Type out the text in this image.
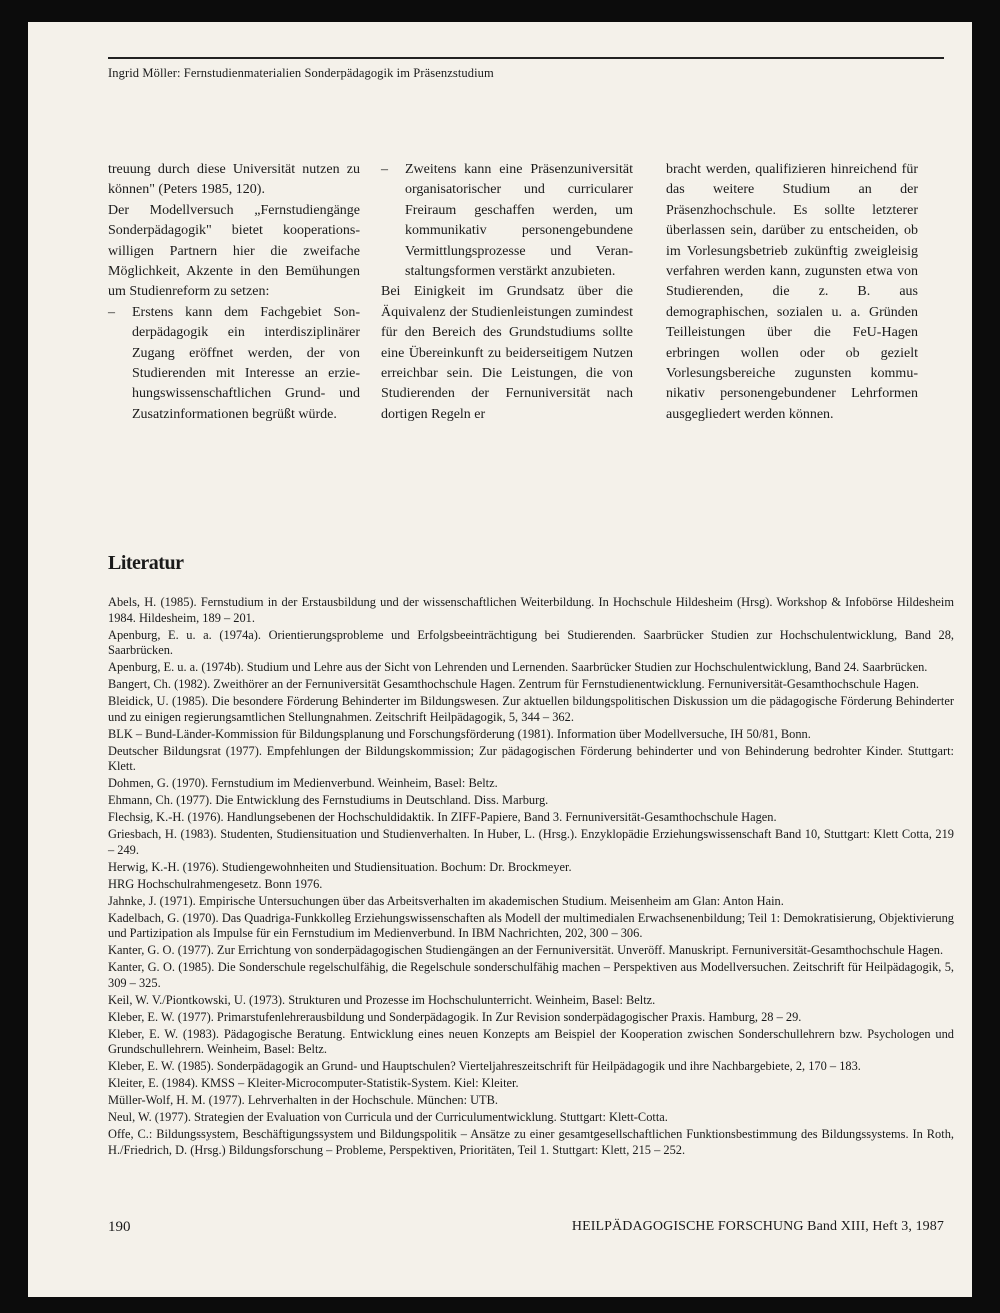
Ingrid Möller: Fernstudienmaterialien Sonderpädagogik im Präsenzstudium

treuung durch diese Universität nutzen zu können" (Peters 1985, 120).

Der Modellversuch „Fernstudiengänge Sonderpädagogik" bietet kooperationswilligen Partnern hier die zweifache Möglichkeit, Akzente in den Bemühungen um Studienreform zu setzen:

–	Erstens kann dem Fachgebiet Sonderpädagogik ein interdisziplinärer Zugang eröffnet werden, der von Studierenden mit Interesse an erziehungswissenschaftlichen Grund- und Zusatzinformationen begrüßt würde.
–	Zweitens kann eine Präsenzuniversität organisatorischer und curricularer Freiraum geschaffen werden, um kommunikativ personengebundene Vermittlungsprozesse und Veranstaltungsformen verstärkt anzubieten.

Bei Einigkeit im Grundsatz über die Äquivalenz der Studienleistungen zumindest für den Bereich des Grundstudiums sollte eine Übereinkunft zu beiderseitigem Nutzen erreichbar sein. Die Leistungen, die von Studierenden der Fernuniversität nach dortigen Regeln er

bracht werden, qualifizieren hinreichend für das weitere Studium an der Präsenzhochschule. Es sollte letzterer überlassen sein, darüber zu entscheiden, ob im Vorlesungsbetrieb zukünftig zweigleisig verfahren werden kann, zugunsten etwa von Studierenden, die z. B. aus demographischen, sozialen u. a. Gründen Teilleistungen über die FeU-Hagen erbringen wollen oder ob gezielt Vorlesungsbereiche zugunsten kommunikativ personengebundener Lehrformen ausgegliedert werden können.

Literatur

Abels, H. (1985). Fernstudium in der Erstausbildung und der wissenschaftlichen Weiterbildung. In Hochschule Hildesheim (Hrsg). Workshop & Infobörse Hildesheim 1984. Hildesheim, 189 – 201.

Apenburg, E. u. a. (1974a). Orientierungsprobleme und Erfolgsbeeinträchtigung bei Studierenden. Saarbrücker Studien zur Hochschulentwicklung, Band 28, Saarbrücken.

Apenburg, E. u. a. (1974b). Studium und Lehre aus der Sicht von Lehrenden und Lernenden. Saarbrücker Studien zur Hochschulentwicklung, Band 24. Saarbrücken.

Bangert, Ch. (1982). Zweithörer an der Fernuniversität Gesamthochschule Hagen. Zentrum für Fernstudienentwicklung. Fernuniversität-Gesamthochschule Hagen.

Bleidick, U. (1985). Die besondere Förderung Behinderter im Bildungswesen. Zur aktuellen bildungspolitischen Diskussion um die pädagogische Förderung Behinderter und zu einigen regierungsamtlichen Stellungnahmen. Zeitschrift Heilpädagogik, 5, 344 – 362.

BLK – Bund-Länder-Kommission für Bildungsplanung und Forschungsförderung (1981). Information über Modellversuche, IH 50/81, Bonn.

Deutscher Bildungsrat (1977). Empfehlungen der Bildungskommission; Zur pädagogischen Förderung behinderter und von Behinderung bedrohter Kinder. Stuttgart: Klett.

Dohmen, G. (1970). Fernstudium im Medienverbund. Weinheim, Basel: Beltz.

Ehmann, Ch. (1977). Die Entwicklung des Fernstudiums in Deutschland. Diss. Marburg.

Flechsig, K.-H. (1976). Handlungsebenen der Hochschuldidaktik. In ZIFF-Papiere, Band 3. Fernuniversität-Gesamthochschule Hagen.

Griesbach, H. (1983). Studenten, Studiensituation und Studienverhalten. In Huber, L. (Hrsg.). Enzyklopädie Erziehungswissenschaft Band 10, Stuttgart: Klett Cotta, 219 – 249.

Herwig, K.-H. (1976). Studiengewohnheiten und Studiensituation. Bochum: Dr. Brockmeyer.

HRG Hochschulrahmengesetz. Bonn 1976.

Jahnke, J. (1971). Empirische Untersuchungen über das Arbeitsverhalten im akademischen Studium. Meisenheim am Glan: Anton Hain.

Kadelbach, G. (1970). Das Quadriga-Funkkolleg Erziehungswissenschaften als Modell der multimedialen Erwachsenenbildung; Teil 1: Demokratisierung, Objektivierung und Partizipation als Impulse für ein Fernstudium im Medienverbund. In IBM Nachrichten, 202, 300 – 306.

Kanter, G. O. (1977). Zur Errichtung von sonderpädagogischen Studiengängen an der Fernuniversität. Unveröff. Manuskript. Fernuniversität-Gesamthochschule Hagen.

Kanter, G. O. (1985). Die Sonderschule regelschulfähig, die Regelschule sonderschulfähig machen – Perspektiven aus Modellversuchen. Zeitschrift für Heilpädagogik, 5, 309 – 325.

Keil, W. V./Piontkowski, U. (1973). Strukturen und Prozesse im Hochschulunterricht. Weinheim, Basel: Beltz.

Kleber, E. W. (1977). Primarstufenlehrerausbildung und Sonderpädagogik. In Zur Revision sonderpädagogischer Praxis. Hamburg, 28 – 29.

Kleber, E. W. (1983). Pädagogische Beratung. Entwicklung eines neuen Konzepts am Beispiel der Kooperation zwischen Sonderschullehrern bzw. Psychologen und Grundschullehrern. Weinheim, Basel: Beltz.

Kleber, E. W. (1985). Sonderpädagogik an Grund- und Hauptschulen? Vierteljahreszeitschrift für Heilpädagogik und ihre Nachbargebiete, 2, 170 – 183.

Kleiter, E. (1984). KMSS – Kleiter-Microcomputer-Statistik-System. Kiel: Kleiter.

Müller-Wolf, H. M. (1977). Lehrverhalten in der Hochschule. München: UTB.

Neul, W. (1977). Strategien der Evaluation von Curricula und der Curriculumentwicklung. Stuttgart: Klett-Cotta.

Offe, C.: Bildungssystem, Beschäftigungssystem und Bildungspolitik – Ansätze zu einer gesamtgesellschaftlichen Funktionsbestimmung des Bildungssystems. In Roth, H./Friedrich, D. (Hrsg.) Bildungsforschung – Probleme, Perspektiven, Prioritäten, Teil 1. Stuttgart: Klett, 215 – 252.

190	HEILPÄDAGOGISCHE FORSCHUNG Band XIII, Heft 3, 1987
